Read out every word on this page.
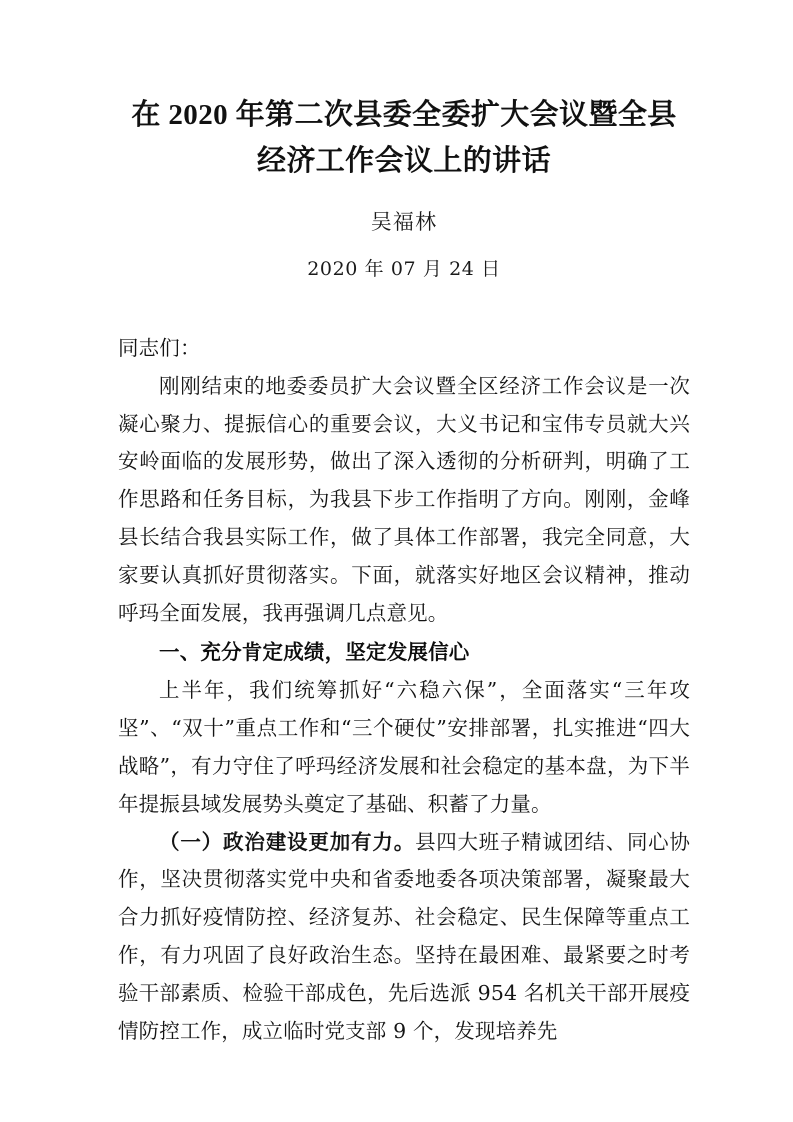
在 2020 年第二次县委全委扩大会议暨全县经济工作会议上的讲话

吴福林

2020 年 07 月 24 日

同志们：

刚刚结束的地委委员扩大会议暨全区经济工作会议是一次凝心聚力、提振信心的重要会议，大义书记和宝伟专员就大兴安岭面临的发展形势，做出了深入透彻的分析研判，明确了工作思路和任务目标，为我县下步工作指明了方向。刚刚，金峰县长结合我县实际工作，做了具体工作部署，我完全同意，大家要认真抓好贯彻落实。下面，就落实好地区会议精神，推动呼玛全面发展，我再强调几点意见。

一、充分肯定成绩，坚定发展信心

上半年，我们统筹抓好“六稳六保”，全面落实“三年攻坚”、“双十”重点工作和“三个硬仗”安排部署，扎实推进“四大战略”，有力守住了呼玛经济发展和社会稳定的基本盘，为下半年提振县域发展势头奠定了基础、积蓄了力量。

（一）政治建设更加有力。县四大班子精诚团结、同心协作，坚决贯彻落实党中央和省委地委各项决策部署，凝聚最大合力抓好疫情防控、经济复苏、社会稳定、民生保障等重点工作，有力巩固了良好政治生态。坚持在最困难、最紧要之时考验干部素质、检验干部成色，先后选派 954 名机关干部开展疫情防控工作，成立临时党支部 9 个，发现培养先
